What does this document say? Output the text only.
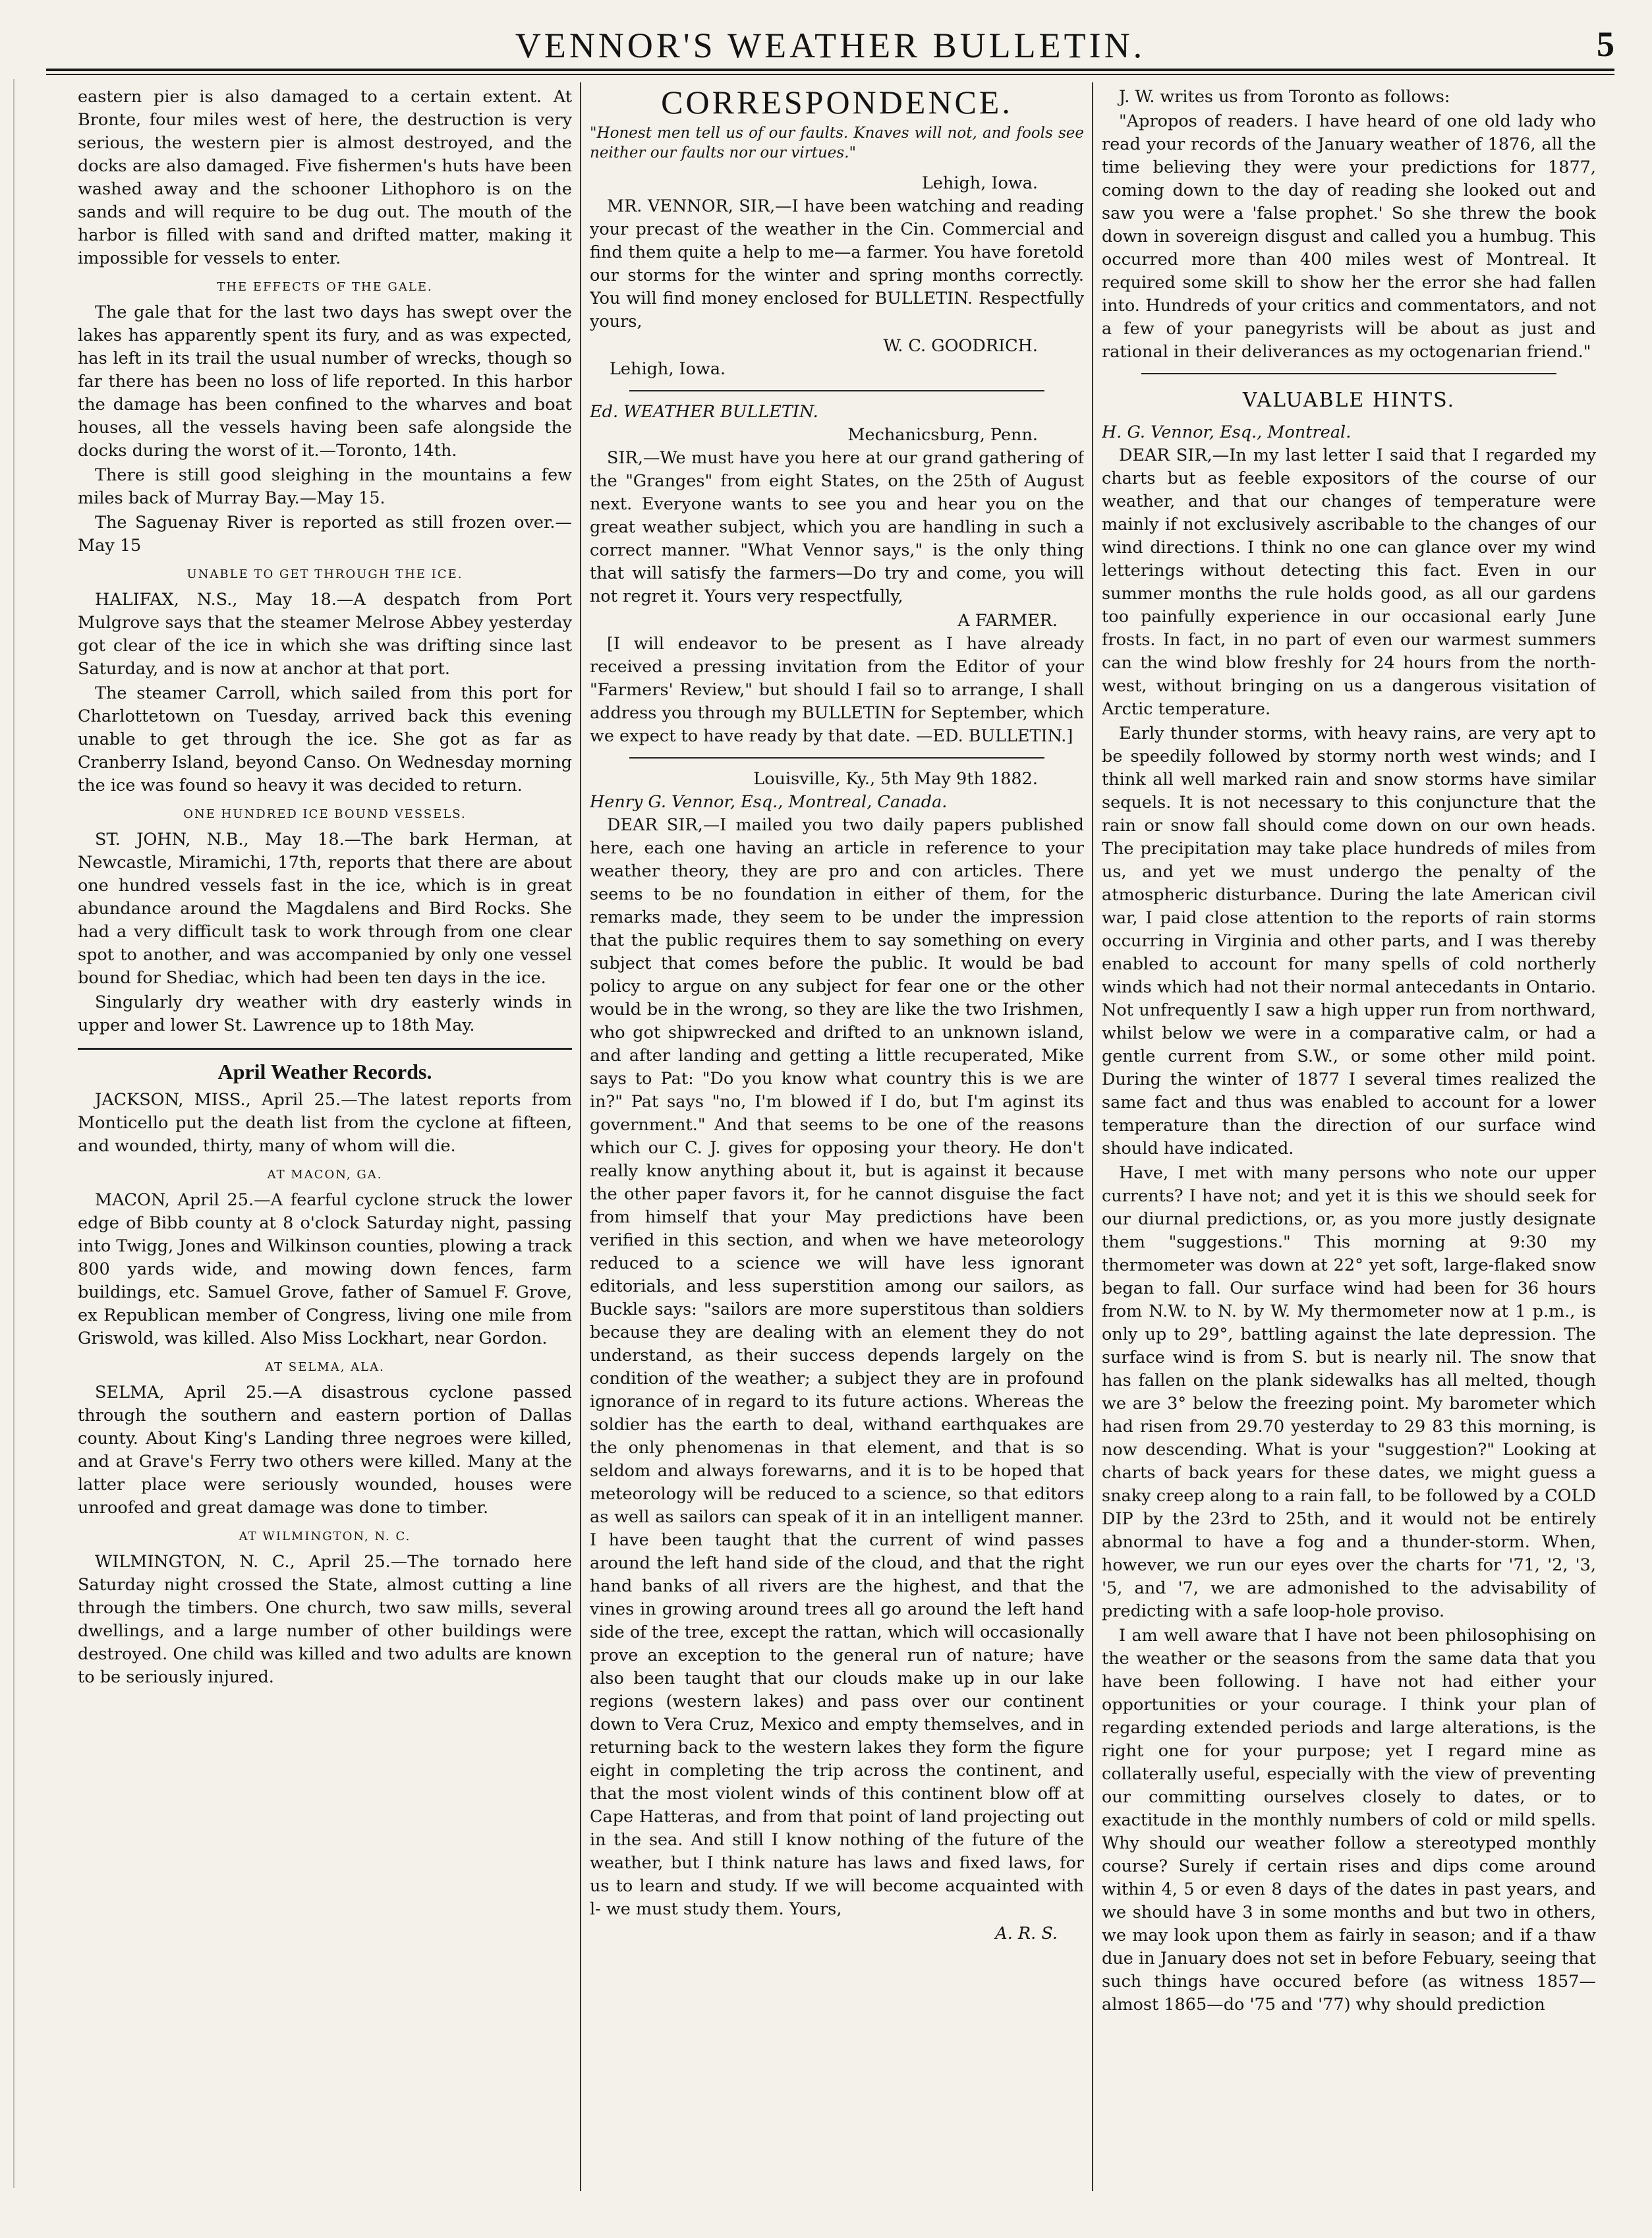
VENNOR'S WEATHER BULLETIN.	5

eastern pier is also damaged to a certain extent. At Bronte, four miles west of here, the destruction is very serious, the western pier is almost destroyed, and the docks are also damaged. Five fishermen's huts have been washed away and the schooner Lithophoro is on the sands and will require to be dug out. The mouth of the harbor is filled with sand and drifted matter, making it impossible for vessels to enter.

THE EFFECTS OF THE GALE.

The gale that for the last two days has swept over the lakes has apparently spent its fury, and as was expected, has left in its trail the usual number of wrecks, though so far there has been no loss of life reported. In this harbor the damage has been confined to the wharves and boat houses, all the vessels having been safe alongside the docks during the worst of it.—Toronto, 14th.

There is still good sleighing in the mountains a few miles back of Murray Bay.—May 15.

The Saguenay River is reported as still frozen over.—May 15

UNABLE TO GET THROUGH THE ICE.

HALIFAX, N.S., May 18.—A despatch from Port Mulgrove says that the steamer Melrose Abbey yesterday got clear of the ice in which she was drifting since last Saturday, and is now at anchor at that port.

The steamer Carroll, which sailed from this port for Charlottetown on Tuesday, arrived back this evening unable to get through the ice. She got as far as Cranberry Island, beyond Canso. On Wednesday morning the ice was found so heavy it was decided to return.

ONE HUNDRED ICE BOUND VESSELS.

ST. JOHN, N.B., May 18.—The bark Herman, at Newcastle, Miramichi, 17th, reports that there are about one hundred vessels fast in the ice, which is in great abundance around the Magdalens and Bird Rocks. She had a very difficult task to work through from one clear spot to another, and was accompanied by only one vessel bound for Shediac, which had been ten days in the ice.

Singularly dry weather with dry easterly winds in upper and lower St. Lawrence up to 18th May.

April Weather Records.

JACKSON, MISS., April 25.—The latest reports from Monticello put the death list from the cyclone at fifteen, and wounded, thirty, many of whom will die.

AT MACON, GA.

MACON, April 25.—A fearful cyclone struck the lower edge of Bibb county at 8 o'clock Saturday night, passing into Twigg, Jones and Wilkinson counties, plowing a track 800 yards wide, and mowing down fences, farm buildings, etc. Samuel Grove, father of Samuel F. Grove, ex Republican member of Congress, living one mile from Griswold, was killed. Also Miss Lockhart, near Gordon.

AT SELMA, ALA.

SELMA, April 25.—A disastrous cyclone passed through the southern and eastern portion of Dallas county. About King's Landing three negroes were killed, and at Grave's Ferry two others were killed. Many at the latter place were seriously wounded, houses were unroofed and great damage was done to timber.

AT WILMINGTON, N. C.

WILMINGTON, N. C., April 25.—The tornado here Saturday night crossed the State, almost cutting a line through the timbers. One church, two saw mills, several dwellings, and a large number of other buildings were destroyed. One child was killed and two adults are known to be seriously injured.

CORRESPONDENCE.
"Honest men tell us of our faults. Knaves will not, and fools see neither our faults nor our virtues."
Lehigh, Iowa.

MR. VENNOR, SIR,—I have been watching and reading your precast of the weather in the Cin. Commercial and find them quite a help to me—a farmer. You have foretold our storms for the winter and spring months correctly. You will find money enclosed for BULLETIN. Respectfully yours,

W. C. GOODRICH.
Lehigh, Iowa.
Ed. WEATHER BULLETIN.
Mechanicsburg, Penn.

SIR,—We must have you here at our grand gathering of the "Granges" from eight States, on the 25th of August next. Everyone wants to see you and hear you on the great weather subject, which you are handling in such a correct manner. "What Vennor says," is the only thing that will satisfy the farmers—Do try and come, you will not regret it. Yours very respectfully,

A FARMER.

[I will endeavor to be present as I have already received a pressing invitation from the Editor of your "Farmers' Review," but should I fail so to arrange, I shall address you through my BULLETIN for September, which we expect to have ready by that date. —ED. BULLETIN.]

Louisville, Ky., 5th May 9th 1882.
Henry G. Vennor, Esq., Montreal, Canada.

DEAR SIR,—I mailed you two daily papers published here, each one having an article in reference to your weather theory, they are pro and con articles. There seems to be no foundation in either of them, for the remarks made, they seem to be under the impression that the public requires them to say something on every subject that comes before the public. It would be bad policy to argue on any subject for fear one or the other would be in the wrong, so they are like the two Irishmen, who got shipwrecked and drifted to an unknown island, and after landing and getting a little recuperated, Mike says to Pat: "Do you know what country this is we are in?" Pat says "no, I'm blowed if I do, but I'm aginst its government." And that seems to be one of the reasons which our C. J. gives for opposing your theory. He don't really know anything about it, but is against it because the other paper favors it, for he cannot disguise the fact from himself that your May predictions have been verified in this section, and when we have meteorology reduced to a science we will have less ignorant editorials, and less superstition among our sailors, as Buckle says: "sailors are more superstitous than soldiers because they are dealing with an element they do not understand, as their success depends largely on the condition of the weather; a subject they are in profound ignorance of in regard to its future actions. Whereas the soldier has the earth to deal, withand earthquakes are the only phenomenas in that element, and that is so seldom and always forewarns, and it is to be hoped that meteorology will be reduced to a science, so that editors as well as sailors can speak of it in an intelligent manner. I have been taught that the current of wind passes around the left hand side of the cloud, and that the right hand banks of all rivers are the highest, and that the vines in growing around trees all go around the left hand side of the tree, except the rattan, which will occasionally prove an exception to the general run of nature; have also been taught that our clouds make up in our lake regions (western lakes) and pass over our continent down to Vera Cruz, Mexico and empty themselves, and in returning back to the western lakes they form the figure eight in completing the trip across the continent, and that the most violent winds of this continent blow off at Cape Hatteras, and from that point of land projecting out in the sea. And still I know nothing of the future of the weather, but I think nature has laws and fixed laws, for us to learn and study. If we will become acquainted with l- we must study them. Yours,

A. R. S.

J. W. writes us from Toronto as follows:

"Apropos of readers. I have heard of one old lady who read your records of the January weather of 1876, all the time believing they were your predictions for 1877, coming down to the day of reading she looked out and saw you were a 'false prophet.' So she threw the book down in sovereign disgust and called you a humbug. This occurred more than 400 miles west of Montreal. It required some skill to show her the error she had fallen into. Hundreds of your critics and commentators, and not a few of your panegyrists will be about as just and rational in their deliverances as my octogenarian friend."

VALUABLE HINTS.
H. G. Vennor, Esq., Montreal.

DEAR SIR,—In my last letter I said that I regarded my charts but as feeble expositors of the course of our weather, and that our changes of temperature were mainly if not exclusively ascribable to the changes of our wind directions. I think no one can glance over my wind letterings without detecting this fact. Even in our summer months the rule holds good, as all our gardens too painfully experience in our occasional early June frosts. In fact, in no part of even our warmest summers can the wind blow freshly for 24 hours from the north-west, without bringing on us a dangerous visitation of Arctic temperature.

Early thunder storms, with heavy rains, are very apt to be speedily followed by stormy north west winds; and I think all well marked rain and snow storms have similar sequels. It is not necessary to this conjuncture that the rain or snow fall should come down on our own heads. The precipitation may take place hundreds of miles from us, and yet we must undergo the penalty of the atmospheric disturbance. During the late American civil war, I paid close attention to the reports of rain storms occurring in Virginia and other parts, and I was thereby enabled to account for many spells of cold northerly winds which had not their normal antecedants in Ontario. Not unfrequently I saw a high upper run from northward, whilst below we were in a comparative calm, or had a gentle current from S.W., or some other mild point. During the winter of 1877 I several times realized the same fact and thus was enabled to account for a lower temperature than the direction of our surface wind should have indicated.

Have, I met with many persons who note our upper currents? I have not; and yet it is this we should seek for our diurnal predictions, or, as you more justly designate them "suggestions." This morning at 9:30 my thermometer was down at 22° yet soft, large-flaked snow began to fall. Our surface wind had been for 36 hours from N.W. to N. by W. My thermometer now at 1 p.m., is only up to 29°, battling against the late depression. The surface wind is from S. but is nearly nil. The snow that has fallen on the plank sidewalks has all melted, though we are 3° below the freezing point. My barometer which had risen from 29.70 yesterday to 29 83 this morning, is now descending. What is your "suggestion?" Looking at charts of back years for these dates, we might guess a snaky creep along to a rain fall, to be followed by a COLD DIP by the 23rd to 25th, and it would not be entirely abnormal to have a fog and a thunder-storm. When, however, we run our eyes over the charts for '71, '2, '3, '5, and '7, we are admonished to the advisability of predicting with a safe loop-hole proviso.

I am well aware that I have not been philosophising on the weather or the seasons from the same data that you have been following. I have not had either your opportunities or your courage. I think your plan of regarding extended periods and large alterations, is the right one for your purpose; yet I regard mine as collaterally useful, especially with the view of preventing our committing ourselves closely to dates, or to exactitude in the monthly numbers of cold or mild spells. Why should our weather follow a stereotyped monthly course? Surely if certain rises and dips come around within 4, 5 or even 8 days of the dates in past years, and we should have 3 in some months and but two in others, we may look upon them as fairly in season; and if a thaw due in January does not set in before Febuary, seeing that such things have occured before (as witness 1857—almost 1865—do '75 and '77) why should prediction
